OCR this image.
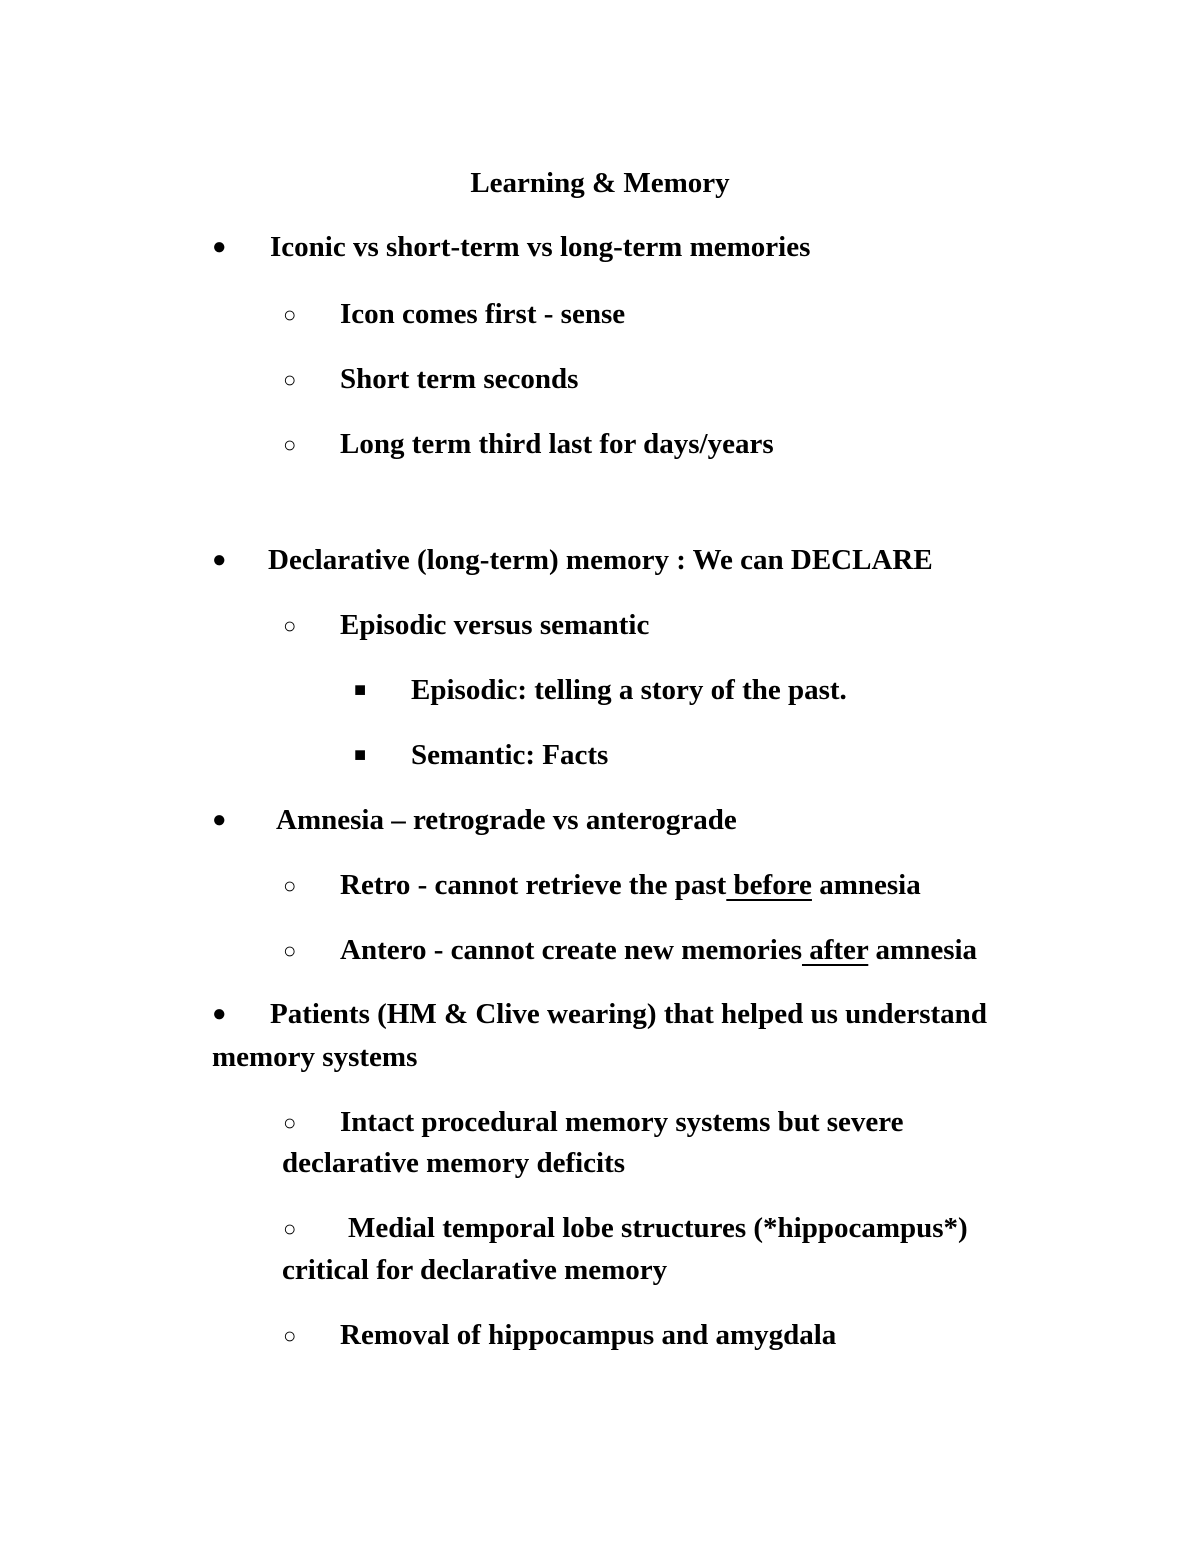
Learning & Memory
● Iconic vs short-term vs long-term memories
○ Icon comes first - sense
○ Short term seconds
○ Long term third last for days/years
● Declarative (long-term) memory : We can DECLARE
○ Episodic versus semantic
■ Episodic: telling a story of the past.
■ Semantic: Facts
● Amnesia – retrograde vs anterograde
○ Retro - cannot retrieve the past before amnesia
○ Antero - cannot create new memories after amnesia
● Patients (HM & Clive wearing) that helped us understand
memory systems
○ Intact procedural memory systems but severe
declarative memory deficits
○ Medial temporal lobe structures (*hippocampus*)
critical for declarative memory
○ Removal of hippocampus and amygdala
